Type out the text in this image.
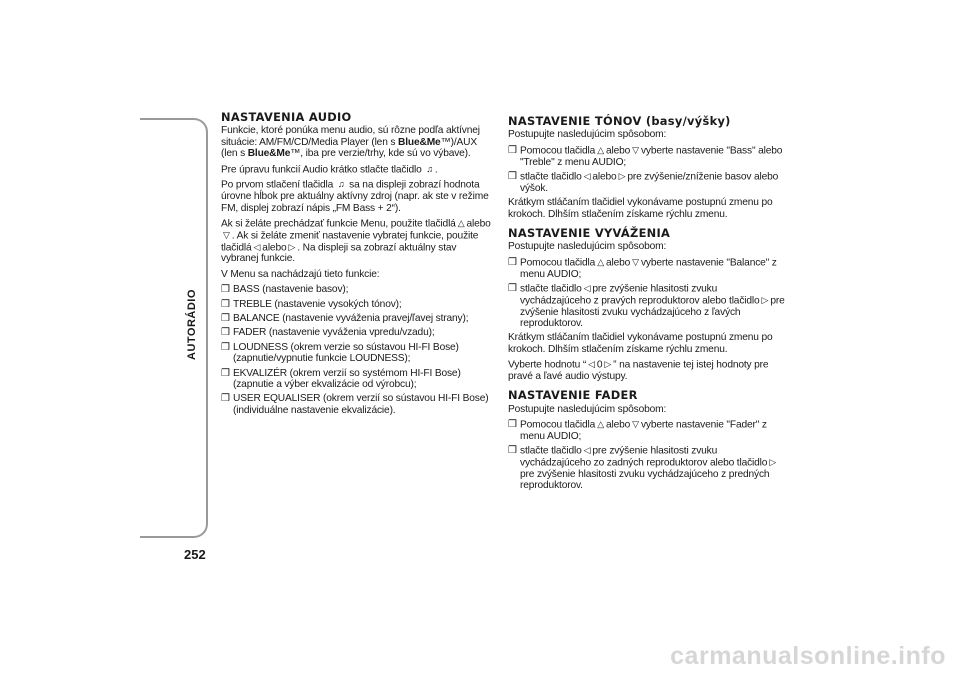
AUTORÁDIO
252
NASTAVENIA AUDIO

Funkcie, ktoré ponúka menu audio, sú rôzne podľa aktívnej situácie: AM/FM/CD/Media Player (len s Blue&Me™)/AUX (len s Blue&Me™, iba pre verzie/trhy, kde sú vo výbave).

Pre úpravu funkcií Audio krátko stlačte tlačidlo ♫ .

Po prvom stlačení tlačidla ♫ sa na displeji zobrazí hodnota úrovne hĺbok pre aktuálny aktívny zdroj (napr. ak ste v režime FM, displej zobrazí nápis „FM Bass + 2“).

Ak si želáte prechádzať funkcie Menu, použite tlačidlá △ alebo ▽ . Ak si želáte zmeniť nastavenie vybratej funkcie, použite tlačidlá ◁ alebo ▷ . Na displeji sa zobrazí aktuálny stav vybranej funkcie.

V Menu sa nachádzajú tieto funkcie:

❒ BASS (nastavenie basov);
❒ TREBLE (nastavenie vysokých tónov);
❒ BALANCE (nastavenie vyváženia pravej/ľavej strany);
❒ FADER (nastavenie vyváženia vpredu/vzadu);
❒ LOUDNESS (okrem verzie so sústavou HI-FI Bose) (zapnutie/vypnutie funkcie LOUDNESS);
❒ EKVALIZÉR (okrem verzií so systémom HI-FI Bose) (zapnutie a výber ekvalizácie od výrobcu);
❒ USER EQUALISER (okrem verzií so sústavou HI-FI Bose) (individuálne nastavenie ekvalizácie).
NASTAVENIE TÓNOV (basy/výšky)

Postupujte nasledujúcim spôsobom:

❒ Pomocou tlačidla △ alebo ▽ vyberte nastavenie "Bass" alebo "Treble" z menu AUDIO;
❒ stlačte tlačidlo ◁ alebo ▷ pre zvýšenie/zníženie basov alebo výšok.

Krátkym stláčaním tlačidiel vykonávame postupnú zmenu po krokoch. Dlhším stlačením získame rýchlu zmenu.

NASTAVENIE VYVÁŽENIA

Postupujte nasledujúcim spôsobom:

❒ Pomocou tlačidla △ alebo ▽ vyberte nastavenie "Balance" z menu AUDIO;
❒ stlačte tlačidlo ◁ pre zvýšenie hlasitosti zvuku vychádzajúceho z pravých reproduktorov alebo tlačidlo ▷ pre zvýšenie hlasitosti zvuku vychádzajúceho z ľavých reproduktorov.

Krátkym stláčaním tlačidiel vykonávame postupnú zmenu po krokoch. Dlhším stlačením získame rýchlu zmenu.

Vyberte hodnotu “ ◁ 0 ▷ ” na nastavenie tej istej hodnoty pre pravé a ľavé audio výstupy.

NASTAVENIE FADER

Postupujte nasledujúcim spôsobom:

❒ Pomocou tlačidla △ alebo ▽ vyberte nastavenie "Fader" z menu AUDIO;
❒ stlačte tlačidlo ◁ pre zvýšenie hlasitosti zvuku vychádzajúceho zo zadných reproduktorov alebo tlačidlo ▷pre zvýšenie hlasitosti zvuku vychádzajúceho z predných reproduktorov.
carmanualsonline.info
